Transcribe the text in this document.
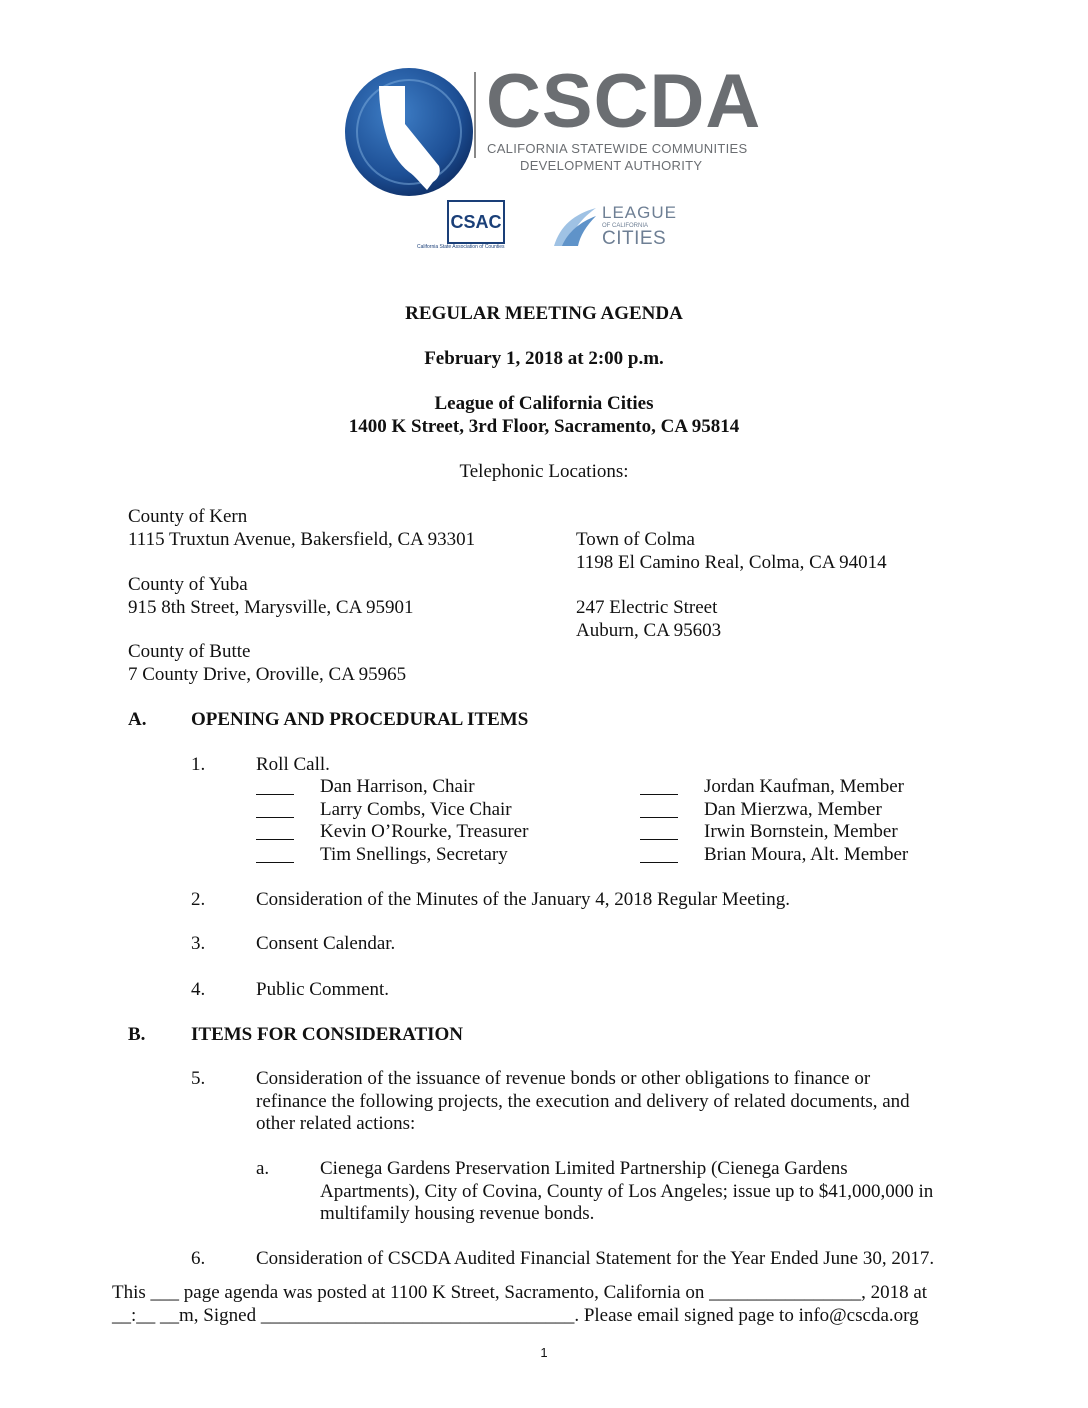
CSCDA
CALIFORNIA STATEWIDE COMMUNITIES
DEVELOPMENT AUTHORITY
CSAC
California State Association of Counties
LEAGUE
OF CALIFORNIA
CITIES
REGULAR MEETING AGENDA
February 1, 2018 at 2:00 p.m.
League of California Cities
1400 K Street, 3rd Floor, Sacramento, CA 95814
Telephonic Locations:
County of Kern
1115 Truxtun Avenue, Bakersfield, CA 93301
County of Yuba
915 8th Street, Marysville, CA 95901
County of Butte
7 County Drive, Oroville, CA 95965
Town of Colma
1198 El Camino Real, Colma, CA 94014
247 Electric Street
Auburn, CA 95603
A. OPENING AND PROCEDURAL ITEMS
1.	Roll Call.
Dan Harrison, Chair
Larry Combs, Vice Chair
Kevin O’Rourke, Treasurer
Tim Snellings, Secretary
Jordan Kaufman, Member
Dan Mierzwa, Member
Irwin Bornstein, Member
Brian Moura, Alt. Member
2.	Consideration of the Minutes of the January 4, 2018 Regular Meeting.
3.	Consent Calendar.
4.	Public Comment.
B. ITEMS FOR CONSIDERATION
5.	Consideration of the issuance of revenue bonds or other obligations to finance or
refinance the following projects, the execution and delivery of related documents, and
other related actions:
a.	Cienega Gardens Preservation Limited Partnership (Cienega Gardens
Apartments), City of Covina, County of Los Angeles; issue up to $41,000,000 in
multifamily housing revenue bonds.
6.	Consideration of CSCDA Audited Financial Statement for the Year Ended June 30, 2017.
This ___ page agenda was posted at 1100 K Street, Sacramento, California on ________________, 2018 at
__:__ __m, Signed _________________________________. Please email signed page to info@cscda.org
1
